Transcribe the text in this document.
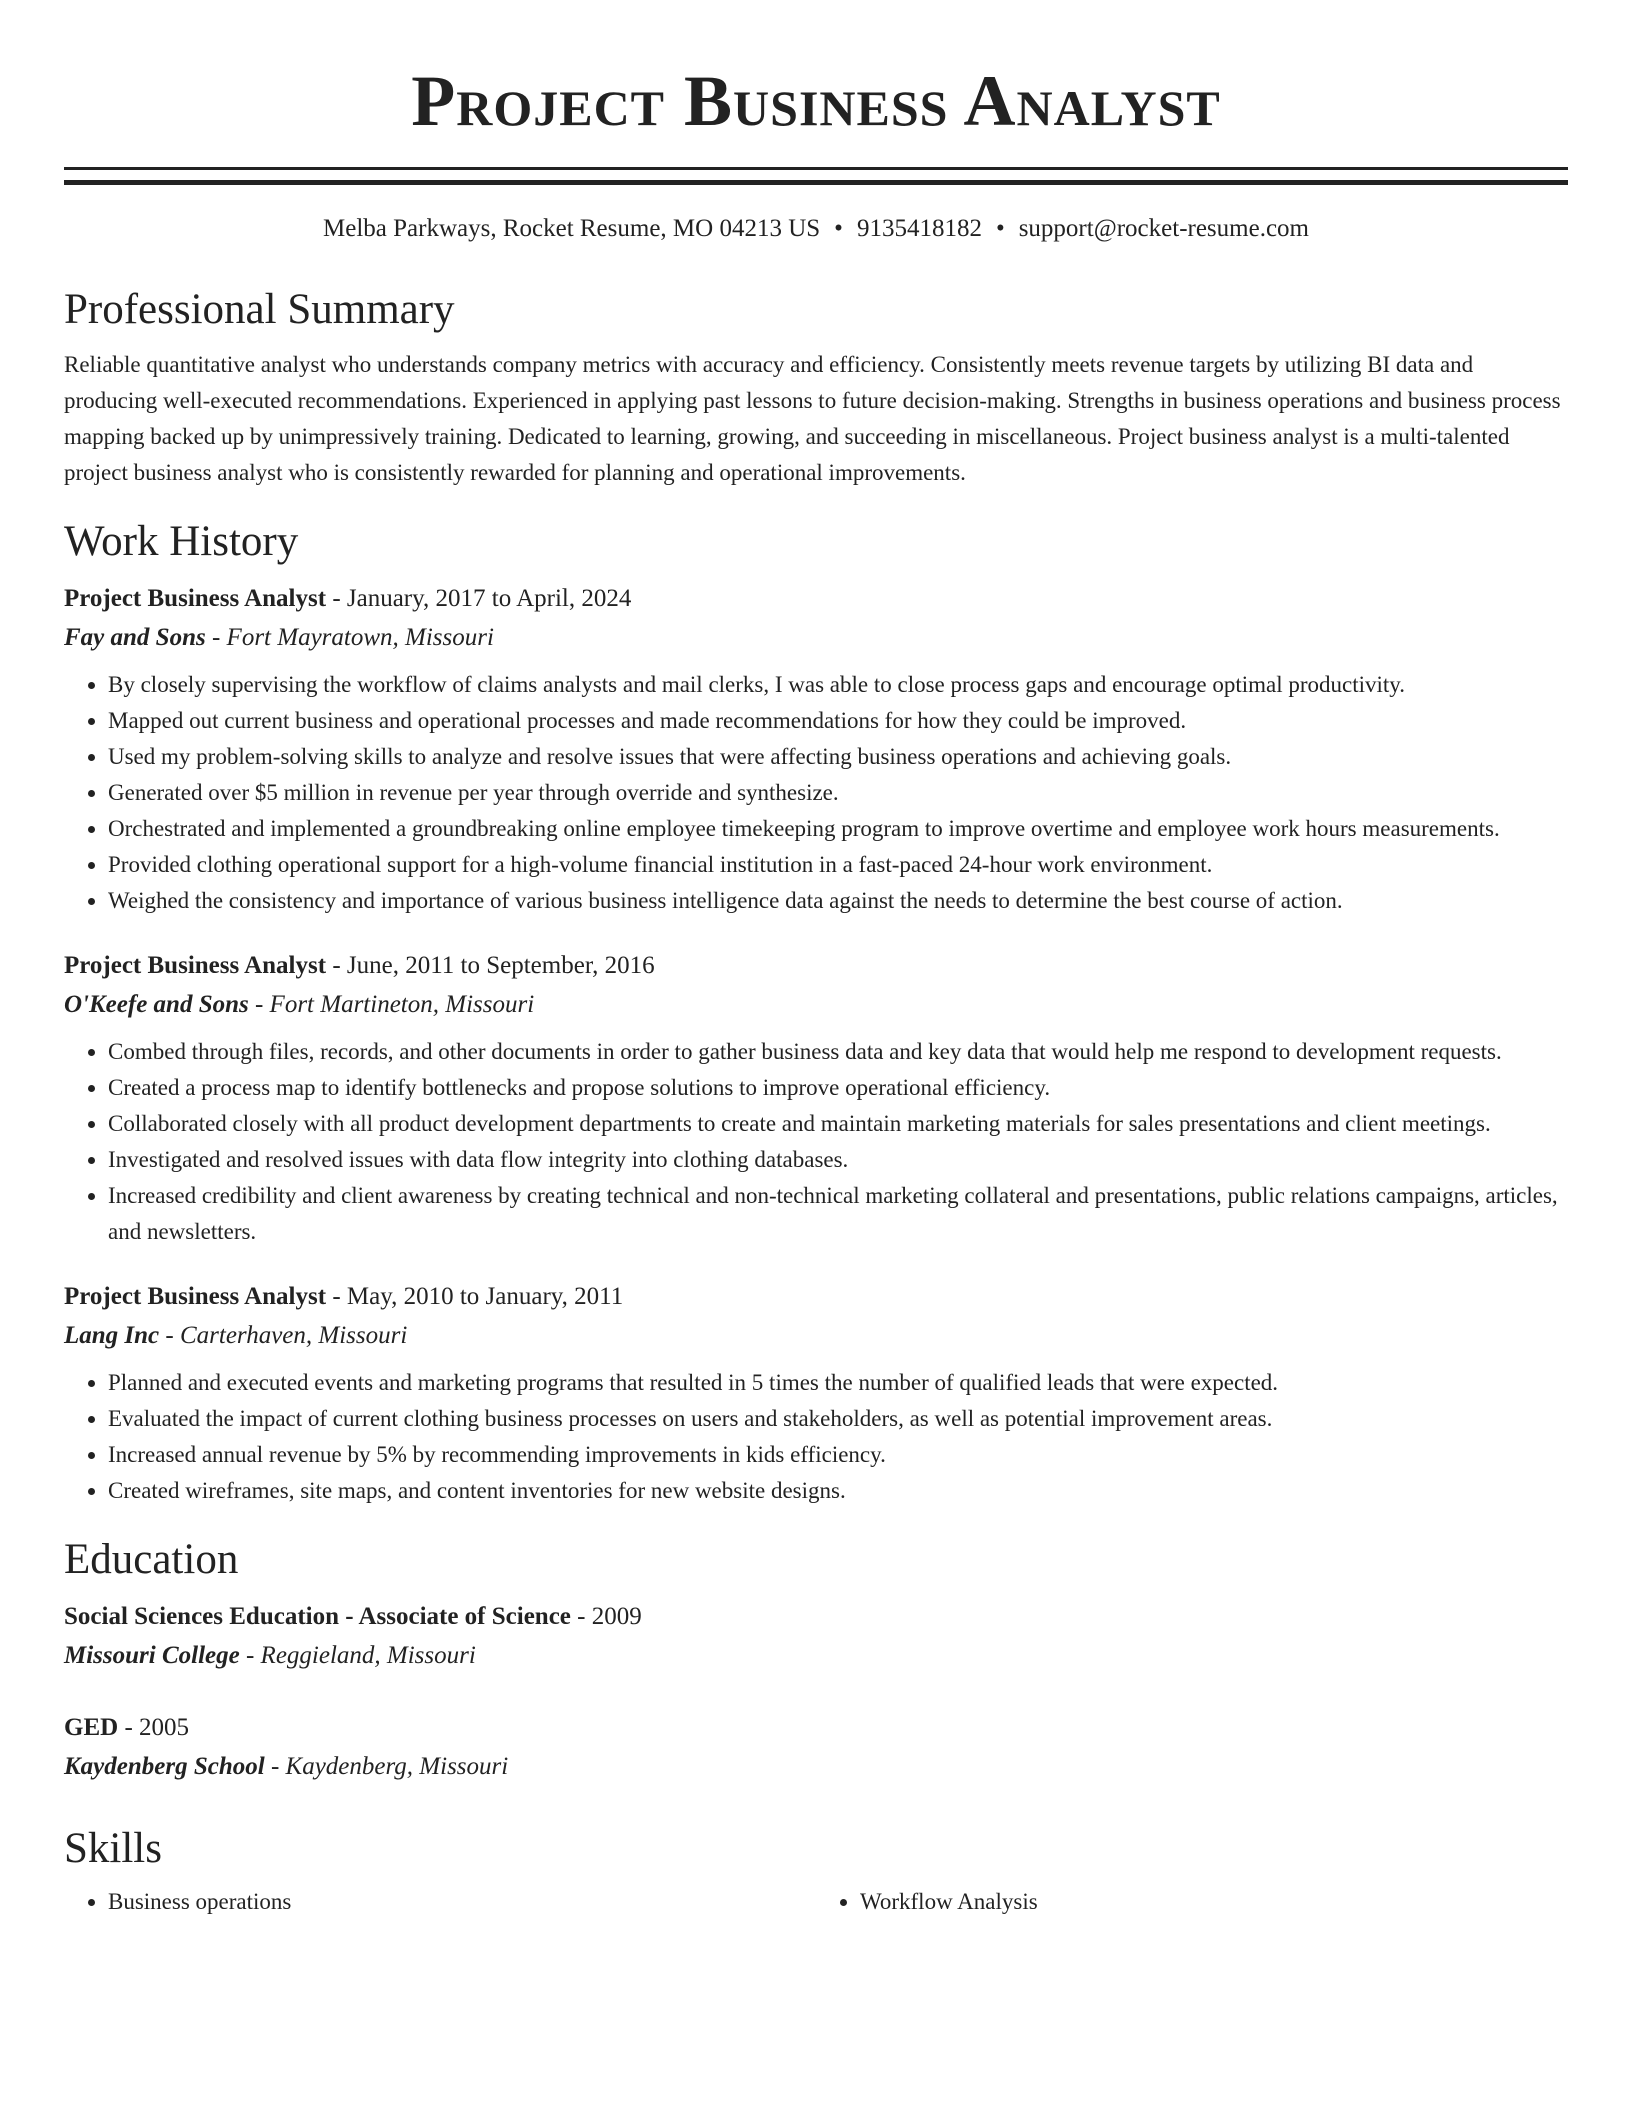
Project Business Analyst
Melba Parkways, Rocket Resume, MO 04213 US • 9135418182 • support@rocket-resume.com
Professional Summary
Reliable quantitative analyst who understands company metrics with accuracy and efficiency. Consistently meets revenue targets by utilizing BI data and producing well-executed recommendations. Experienced in applying past lessons to future decision-making. Strengths in business operations and business process mapping backed up by unimpressively training. Dedicated to learning, growing, and succeeding in miscellaneous. Project business analyst is a multi-talented project business analyst who is consistently rewarded for planning and operational improvements.
Work History
Project Business Analyst - January, 2017 to April, 2024
Fay and Sons - Fort Mayratown, Missouri
• By closely supervising the workflow of claims analysts and mail clerks, I was able to close process gaps and encourage optimal productivity.
• Mapped out current business and operational processes and made recommendations for how they could be improved.
• Used my problem-solving skills to analyze and resolve issues that were affecting business operations and achieving goals.
• Generated over $5 million in revenue per year through override and synthesize.
• Orchestrated and implemented a groundbreaking online employee timekeeping program to improve overtime and employee work hours measurements.
• Provided clothing operational support for a high-volume financial institution in a fast-paced 24-hour work environment.
• Weighed the consistency and importance of various business intelligence data against the needs to determine the best course of action.
Project Business Analyst - June, 2011 to September, 2016
O'Keefe and Sons - Fort Martineton, Missouri
• Combed through files, records, and other documents in order to gather business data and key data that would help me respond to development requests.
• Created a process map to identify bottlenecks and propose solutions to improve operational efficiency.
• Collaborated closely with all product development departments to create and maintain marketing materials for sales presentations and client meetings.
• Investigated and resolved issues with data flow integrity into clothing databases.
• Increased credibility and client awareness by creating technical and non-technical marketing collateral and presentations, public relations campaigns, articles, and newsletters.
Project Business Analyst - May, 2010 to January, 2011
Lang Inc - Carterhaven, Missouri
• Planned and executed events and marketing programs that resulted in 5 times the number of qualified leads that were expected.
• Evaluated the impact of current clothing business processes on users and stakeholders, as well as potential improvement areas.
• Increased annual revenue by 5% by recommending improvements in kids efficiency.
• Created wireframes, site maps, and content inventories for new website designs.
Education
Social Sciences Education - Associate of Science - 2009
Missouri College - Reggieland, Missouri
GED - 2005
Kaydenberg School - Kaydenberg, Missouri
Skills
• Business operations
•	Workflow Analysis
